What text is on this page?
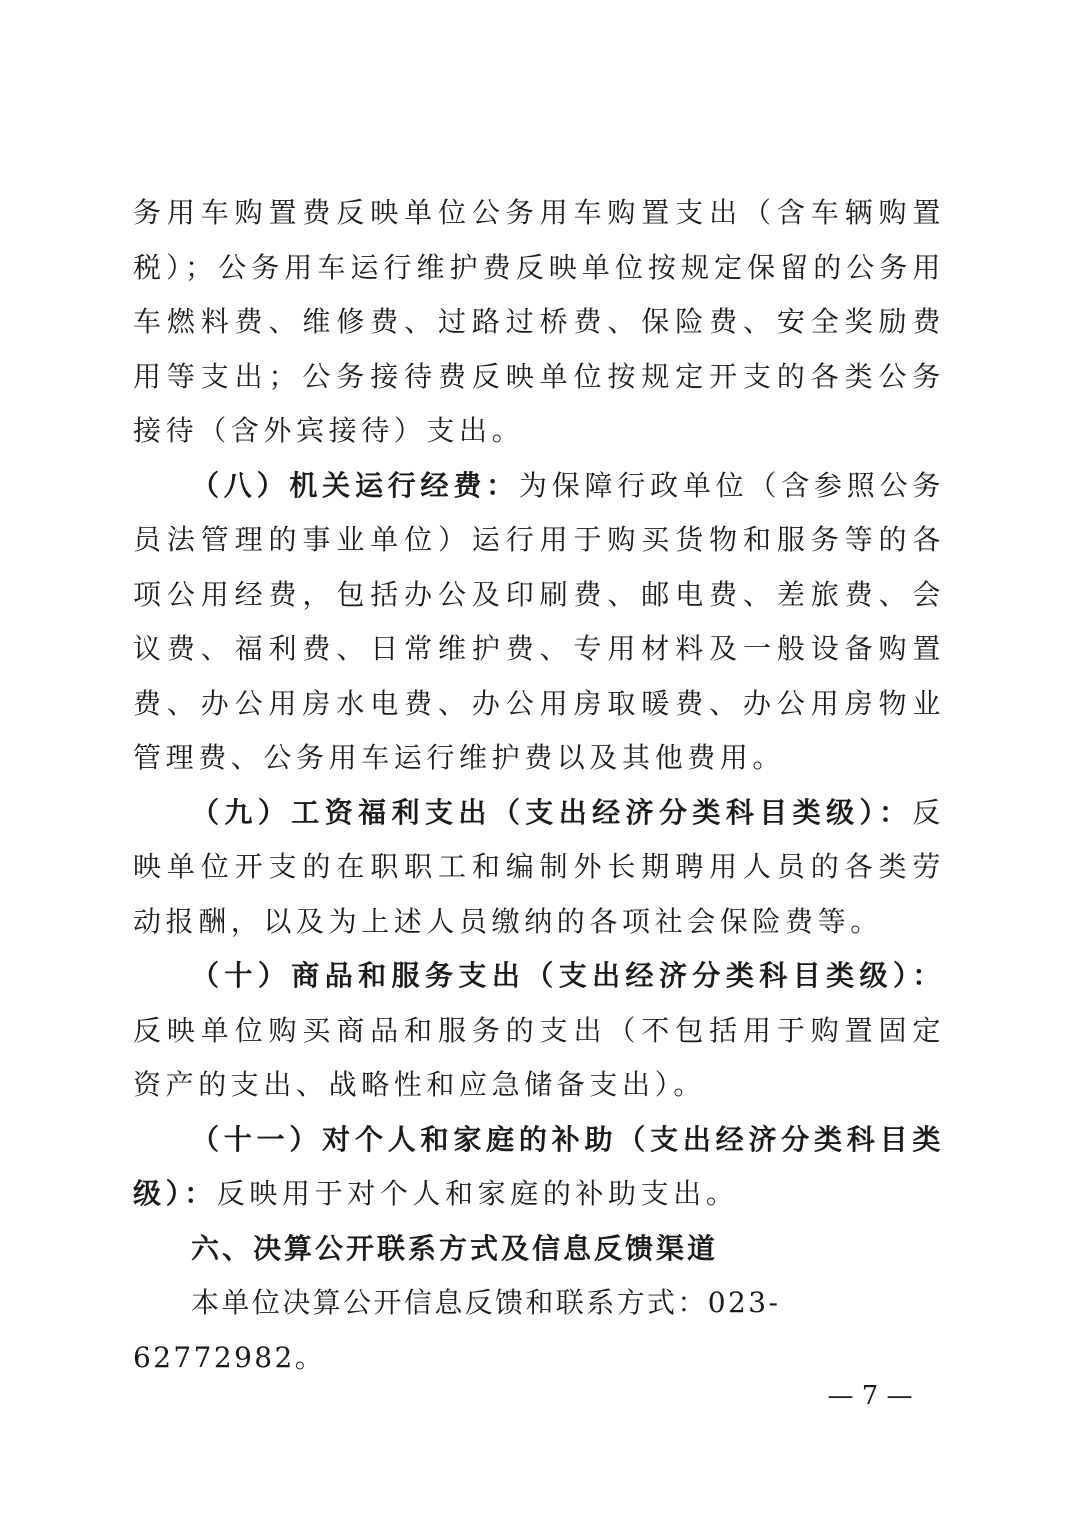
务用车购置费反映单位公务用车购置支出（含车辆购置税）；公务用车运行维护费反映单位按规定保留的公务用车燃料费、维修费、过路过桥费、保险费、安全奖励费用等支出；公务接待费反映单位按规定开支的各类公务接待（含外宾接待）支出。

（八）机关运行经费：为保障行政单位（含参照公务员法管理的事业单位）运行用于购买货物和服务等的各项公用经费，包括办公及印刷费、邮电费、差旅费、会议费、福利费、日常维护费、专用材料及一般设备购置费、办公用房水电费、办公用房取暖费、办公用房物业管理费、公务用车运行维护费以及其他费用。

（九）工资福利支出（支出经济分类科目类级）：反映单位开支的在职职工和编制外长期聘用人员的各类劳动报酬，以及为上述人员缴纳的各项社会保险费等。

（十）商品和服务支出（支出经济分类科目类级）：反映单位购买商品和服务的支出（不包括用于购置固定资产的支出、战略性和应急储备支出）。

（十一）对个人和家庭的补助（支出经济分类科目类级）：反映用于对个人和家庭的补助支出。

六、决算公开联系方式及信息反馈渠道

本单位决算公开信息反馈和联系方式：023-62772982。

— 7 —
